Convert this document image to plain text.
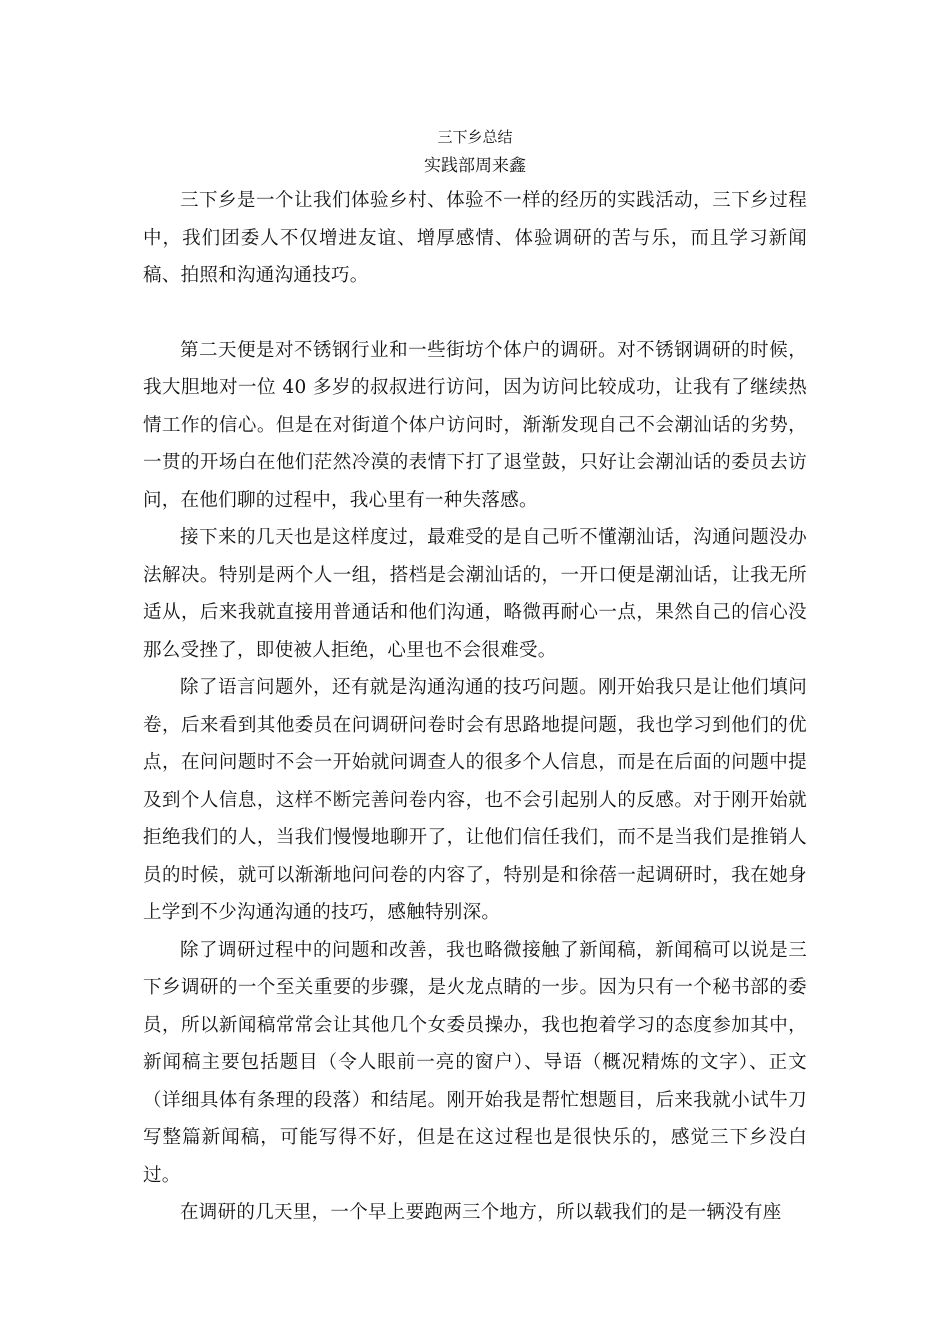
三下乡总结

实践部周来鑫

三下乡是一个让我们体验乡村、体验不一样的经历的实践活动，三下乡过程中，我们团委人不仅增进友谊、增厚感情、体验调研的苦与乐，而且学习新闻稿、拍照和沟通沟通技巧。

第二天便是对不锈钢行业和一些街坊个体户的调研。对不锈钢调研的时候，我大胆地对一位 40 多岁的叔叔进行访问，因为访问比较成功，让我有了继续热情工作的信心。但是在对街道个体户访问时，渐渐发现自己不会潮汕话的劣势，一贯的开场白在他们茫然冷漠的表情下打了退堂鼓，只好让会潮汕话的委员去访问，在他们聊的过程中，我心里有一种失落感。

接下来的几天也是这样度过，最难受的是自己听不懂潮汕话，沟通问题没办法解决。特别是两个人一组，搭档是会潮汕话的，一开口便是潮汕话，让我无所适从，后来我就直接用普通话和他们沟通，略微再耐心一点，果然自己的信心没那么受挫了，即使被人拒绝，心里也不会很难受。

除了语言问题外，还有就是沟通沟通的技巧问题。刚开始我只是让他们填问卷，后来看到其他委员在问调研问卷时会有思路地提问题，我也学习到他们的优点，在问问题时不会一开始就问调查人的很多个人信息，而是在后面的问题中提及到个人信息，这样不断完善问卷内容，也不会引起别人的反感。对于刚开始就拒绝我们的人，当我们慢慢地聊开了，让他们信任我们，而不是当我们是推销人员的时候，就可以渐渐地问问卷的内容了，特别是和徐蓓一起调研时，我在她身上学到不少沟通沟通的技巧，感触特别深。

除了调研过程中的问题和改善，我也略微接触了新闻稿，新闻稿可以说是三下乡调研的一个至关重要的步骤，是火龙点睛的一步。因为只有一个秘书部的委员，所以新闻稿常常会让其他几个女委员操办，我也抱着学习的态度参加其中，新闻稿主要包括题目（令人眼前一亮的窗户）、导语（概况精炼的文字）、正文（详细具体有条理的段落）和结尾。刚开始我是帮忙想题目，后来我就小试牛刀写整篇新闻稿，可能写得不好，但是在这过程也是很快乐的，感觉三下乡没白过。

在调研的几天里，一个早上要跑两三个地方，所以载我们的是一辆没有座
